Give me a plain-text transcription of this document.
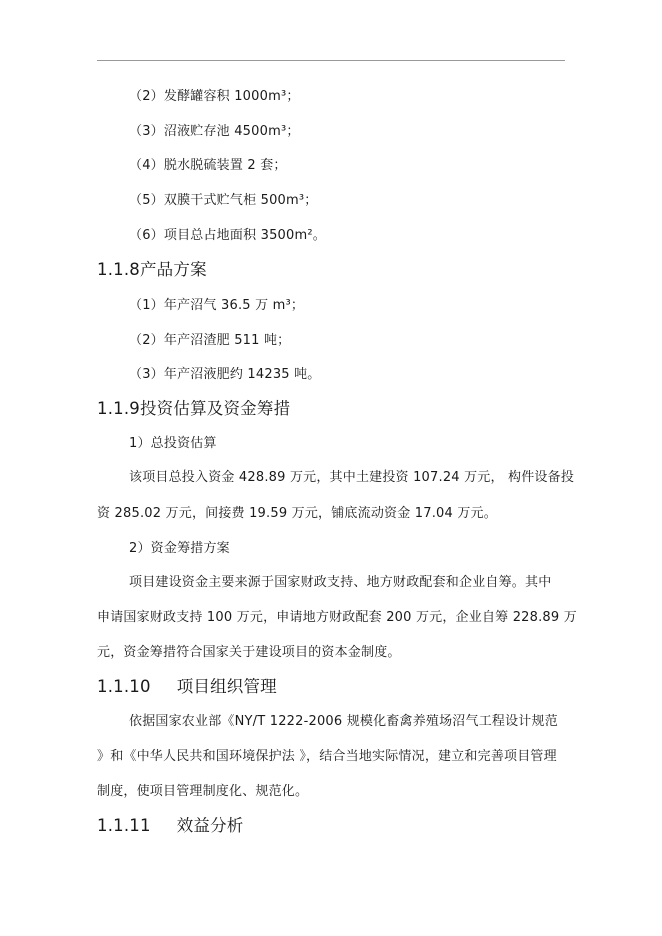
（2）发酵罐容积 1000m³；
（3）沼液贮存池 4500m³；
（4）脱水脱硫装置 2 套；
（5）双膜干式贮气柜 500m³；
（6）项目总占地面积 3500m²。
1.1.8产品方案
（1）年产沼气 36.5 万 m³；
（2）年产沼渣肥 511 吨；
（3）年产沼液肥约 14235 吨。
1.1.9投资估算及资金筹措
1）总投资估算
该项目总投入资金 428.89 万元，其中土建投资 107.24 万元， 构件设备投
资 285.02 万元，间接费 19.59 万元，铺底流动资金 17.04 万元。
2）资金筹措方案
项目建设资金主要来源于国家财政支持、地方财政配套和企业自筹。其中
申请国家财政支持 100 万元，申请地方财政配套 200 万元，企业自筹 228.89 万
元，资金筹措符合国家关于建设项目的资本金制度。
1.1.10 项目组织管理
依据国家农业部《NY/T 1222-2006 规模化畜禽养殖场沼气工程设计规范
》和《中华人民共和国环境保护法 》，结合当地实际情况，建立和完善项目管理
制度，使项目管理制度化、规范化。
1.1.11 效益分析
